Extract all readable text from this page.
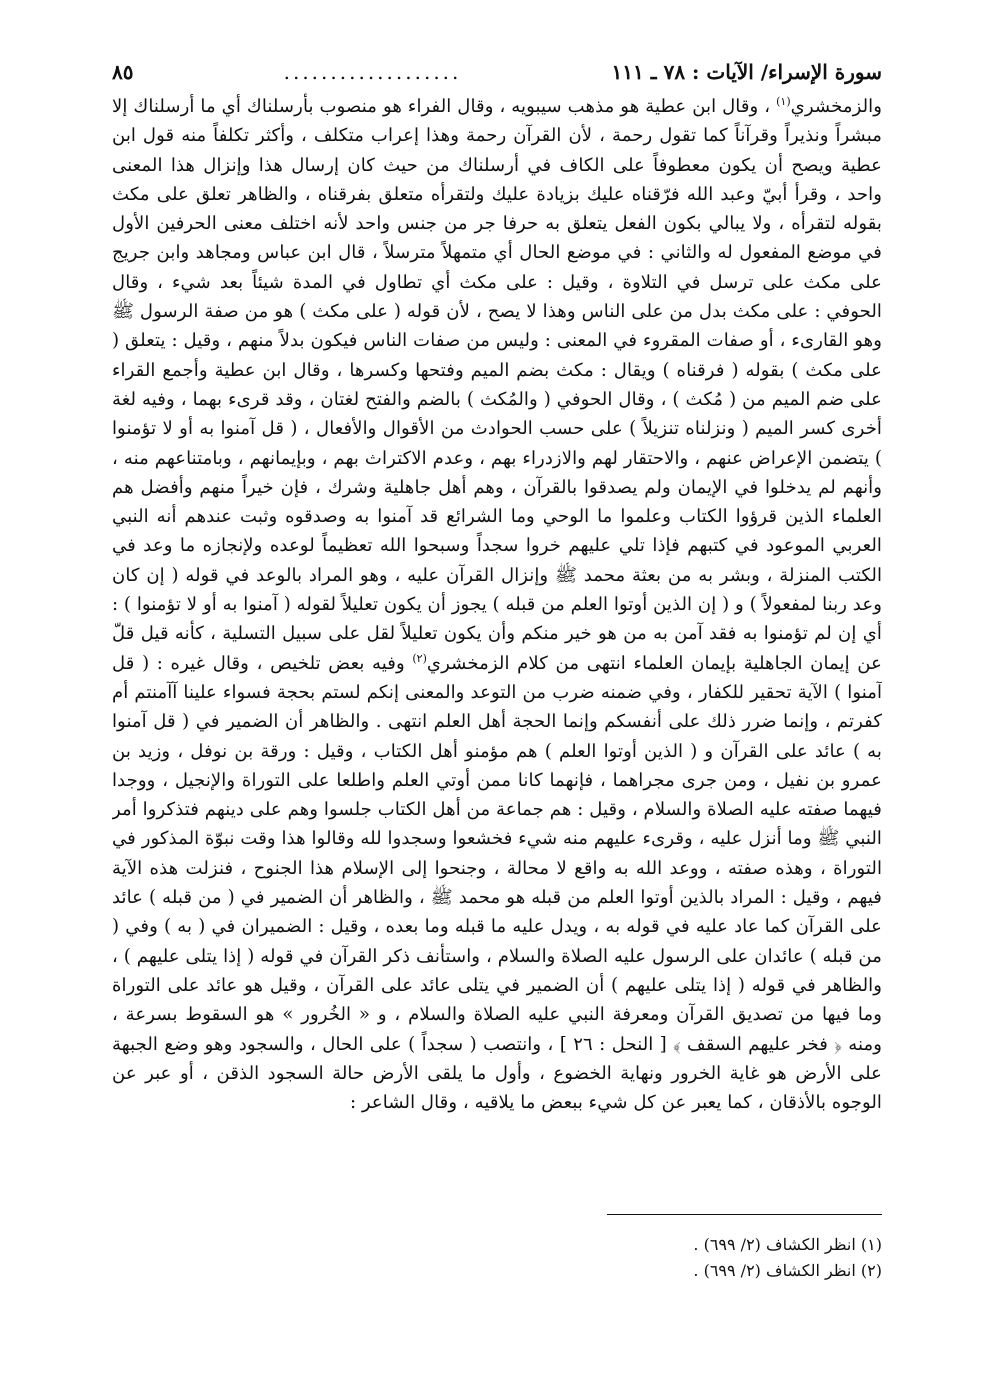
سورة الإسراء/ الآيات : ٧٨ ـ ١١١
...................
٨٥
والزمخشري$^{(١)}$ ، وقال ابن عطية هو مذهب سيبويه ، وقال الفراء هو منصوب بأرسلناك أي ما أرسلناك إلا مبشراً ونذيراً وقرآناً كما تقول رحمة ، لأن القرآن رحمة وهذا إعراب متكلف ، وأكثر تكلفاً منه قول ابن عطية ويصح أن يكون معطوفاً على الكاف في أرسلناك من حيث كان إرسال هذا وإنزال هذا المعنى واحد ، وقرأ أبيّ وعبد الله فرّقناه عليك بزيادة عليك ولتقرأه متعلق بفرقناه ، والظاهر تعلق على مكث بقوله لتقرأه ، ولا يبالي بكون الفعل يتعلق به حرفا جر من جنس واحد لأنه اختلف معنى الحرفين الأول في موضع المفعول له والثاني : في موضع الحال أي متمهلاً مترسلاً ، قال ابن عباس ومجاهد وابن جريج على مكث على ترسل في التلاوة ، وقيل : على مكث أي تطاول في المدة شيئاً بعد شيء ، وقال الحوفي : على مكث بدل من على الناس وهذا لا يصح ، لأن قوله ( على مكث ) هو من صفة الرسول ﷺ وهو القارىء ، أو صفات المقروء في المعنى : وليس من صفات الناس فيكون بدلاً منهم ، وقيل : يتعلق ( على مكث ) بقوله ( فرقناه ) ويقال : مكث بضم الميم وفتحها وكسرها ، وقال ابن عطية وأجمع القراء على ضم الميم من ( مُكث ) ، وقال الحوفي ( والمُكث ) بالضم والفتح لغتان ، وقد قرىء بهما ، وفيه لغة أخرى كسر الميم ( ونزلناه تنزيلاً ) على حسب الحوادث من الأقوال والأفعال ، ( قل آمنوا به أو لا تؤمنوا ) يتضمن الإعراض عنهم ، والاحتقار لهم والازدراء بهم ، وعدم الاكتراث بهم ، وبإيمانهم ، وبامتناعهم منه ، وأنهم لم يدخلوا في الإيمان ولم يصدقوا بالقرآن ، وهم أهل جاهلية وشرك ، فإن خيراً منهم وأفضل هم العلماء الذين قرؤوا الكتاب وعلموا ما الوحي وما الشرائع قد آمنوا به وصدقوه وثبت عندهم أنه النبي العربي الموعود في كتبهم فإذا تلي عليهم خروا سجداً وسبحوا الله تعظيماً لوعده ولإنجازه ما وعد في الكتب المنزلة ، وبشر به من بعثة محمد ﷺ وإنزال القرآن عليه ، وهو المراد بالوعد في قوله ( إن كان وعد ربنا لمفعولاً ) و ( إن الذين أوتوا العلم من قبله ) يجوز أن يكون تعليلاً لقوله ( آمنوا به أو لا تؤمنوا ) : أي إن لم تؤمنوا به فقد آمن به من هو خير منكم وأن يكون تعليلاً لقل على سبيل التسلية ، كأنه قيل قلّ عن إيمان الجاهلية بإيمان العلماء انتهى من كلام الزمخشري$^{(٢)}$ وفيه بعض تلخيص ، وقال غيره : ( قل آمنوا ) الآية تحقير للكفار ، وفي ضمنه ضرب من التوعد والمعنى إنكم لستم بحجة فسواء علينا آآمنتم أم كفرتم ، وإنما ضرر ذلك على أنفسكم وإنما الحجة أهل العلم انتهى . والظاهر أن الضمير في ( قل آمنوا به ) عائد على القرآن و ( الذين أوتوا العلم ) هم مؤمنو أهل الكتاب ، وقيل : ورقة بن نوفل ، وزيد بن عمرو بن نفيل ، ومن جرى مجراهما ، فإنهما كانا ممن أوتي العلم واطلعا على التوراة والإنجيل ، ووجدا فيهما صفته عليه الصلاة والسلام ، وقيل : هم جماعة من أهل الكتاب جلسوا وهم على دينهم فتذكروا أمر النبي ﷺ وما أنزل عليه ، وقرىء عليهم منه شيء فخشعوا وسجدوا لله وقالوا هذا وقت نبوّة المذكور في التوراة ، وهذه صفته ، ووعد الله به واقع لا محالة ، وجنحوا إلى الإسلام هذا الجنوح ، فنزلت هذه الآية فيهم ، وقيل : المراد بالذين أوتوا العلم من قبله هو محمد ﷺ ، والظاهر أن الضمير في ( من قبله ) عائد على القرآن كما عاد عليه في قوله به ، ويدل عليه ما قبله وما بعده ، وقيل : الضميران في ( به ) وفي ( من قبله ) عائدان على الرسول عليه الصلاة والسلام ، واستأنف ذكر القرآن في قوله ( إذا يتلى عليهم ) ، والظاهر في قوله ( إذا يتلى عليهم ) أن الضمير في يتلى عائد على القرآن ، وقيل هو عائد على التوراة وما فيها من تصديق القرآن ومعرفة النبي عليه الصلاة والسلام ، و « الخُرور » هو السقوط بسرعة ، ومنه ﴿ فخر عليهم السقف ﴾ [ النحل : ٢٦ ] ، وانتصب ( سجداً ) على الحال ، والسجود وهو وضع الجبهة على الأرض هو غاية الخرور ونهاية الخضوع ، وأول ما يلقى الأرض حالة السجود الذقن ، أو عبر عن الوجوه بالأذقان ، كما يعبر عن كل شيء ببعض ما يلاقيه ، وقال الشاعر :
(١) انظر الكشاف (٢/ ٦٩٩) .
(٢) انظر الكشاف (٢/ ٦٩٩) .
